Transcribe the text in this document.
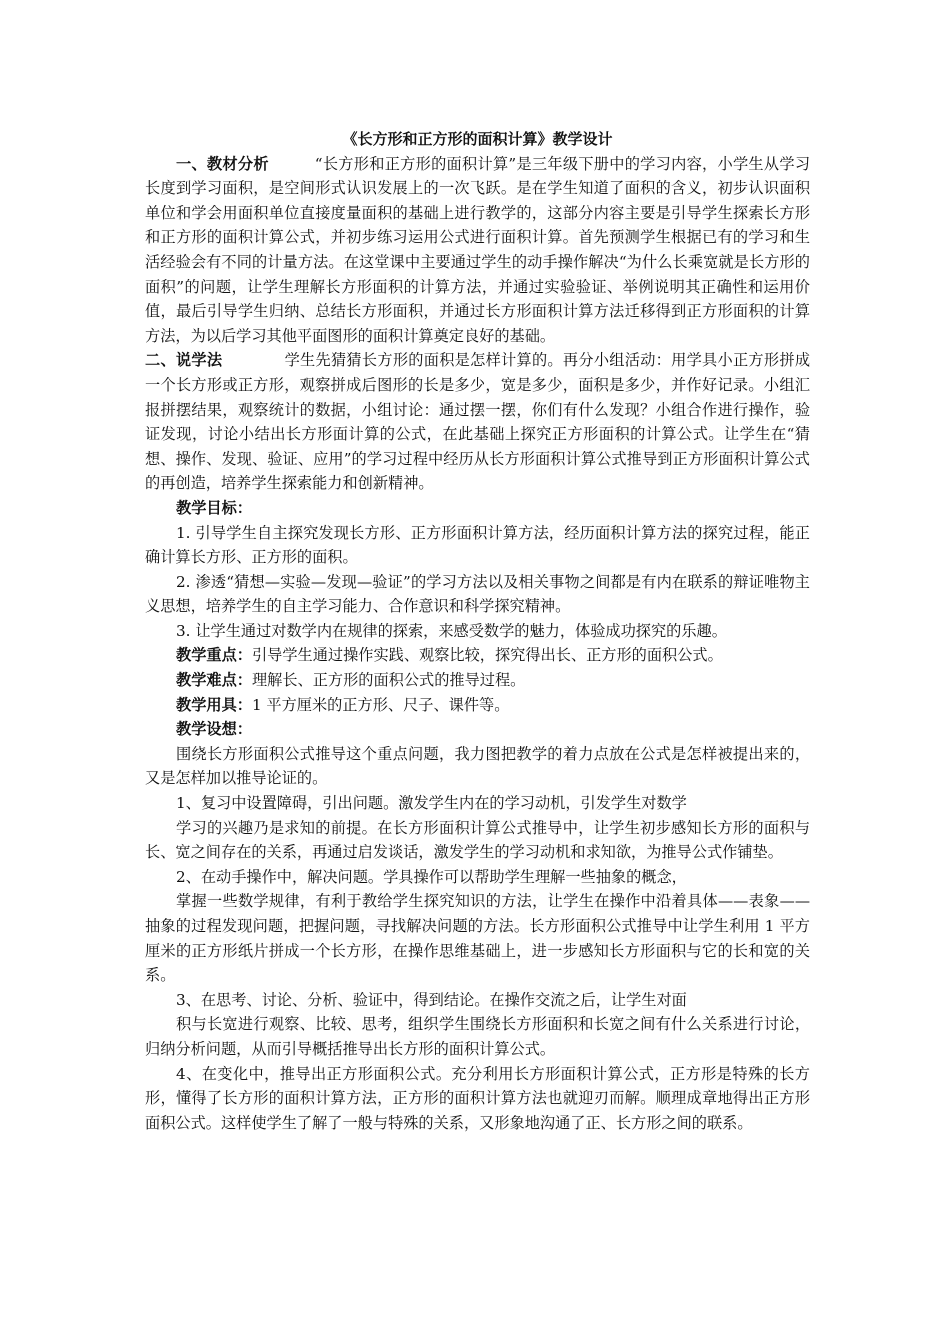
《长方形和正方形的面积计算》教学设计

一、教材分析	“长方形和正方形的面积计算”是三年级下册中的学习内容，小学生从学习长度到学习面积，是空间形式认识发展上的一次飞跃。是在学生知道了面积的含义，初步认识面积单位和学会用面积单位直接度量面积的基础上进行教学的，这部分内容主要是引导学生探索长方形和正方形的面积计算公式，并初步练习运用公式进行面积计算。首先预测学生根据已有的学习和生活经验会有不同的计量方法。在这堂课中主要通过学生的动手操作解决“为什么长乘宽就是长方形的面积”的问题，让学生理解长方形面积的计算方法，并通过实验验证、举例说明其正确性和运用价值，最后引导学生归纳、总结长方形面积，并通过长方形面积计算方法迁移得到正方形面积的计算方法，为以后学习其他平面图形的面积计算奠定良好的基础。

二、说学法	学生先猜猜长方形的面积是怎样计算的。再分小组活动：用学具小正方形拼成一个长方形或正方形，观察拼成后图形的长是多少，宽是多少，面积是多少，并作好记录。小组汇报拼摆结果，观察统计的数据，小组讨论：通过摆一摆，你们有什么发现？小组合作进行操作，验证发现，讨论小结出长方形面计算的公式，在此基础上探究正方形面积的计算公式。让学生在“猜想、操作、发现、验证、应用”的学习过程中经历从长方形面积计算公式推导到正方形面积计算公式的再创造，培养学生探索能力和创新精神。

教学目标：

1. 引导学生自主探究发现长方形、正方形面积计算方法，经历面积计算方法的探究过程，能正确计算长方形、正方形的面积。

2. 渗透“猜想—实验—发现—验证”的学习方法以及相关事物之间都是有内在联系的辩证唯物主义思想，培养学生的自主学习能力、合作意识和科学探究精神。

3. 让学生通过对数学内在规律的探索，来感受数学的魅力，体验成功探究的乐趣。

教学重点：引导学生通过操作实践、观察比较，探究得出长、正方形的面积公式。

教学难点：理解长、正方形的面积公式的推导过程。

教学用具：1 平方厘米的正方形、尺子、课件等。

教学设想：

围绕长方形面积公式推导这个重点问题，我力图把教学的着力点放在公式是怎样被提出来的，又是怎样加以推导论证的。

1、复习中设置障碍，引出问题。激发学生内在的学习动机，引发学生对数学

学习的兴趣乃是求知的前提。在长方形面积计算公式推导中，让学生初步感知长方形的面积与长、宽之间存在的关系，再通过启发谈话，激发学生的学习动机和求知欲，为推导公式作铺垫。

2、在动手操作中，解决问题。学具操作可以帮助学生理解一些抽象的概念，

掌握一些数学规律，有利于教给学生探究知识的方法，让学生在操作中沿着具体——表象——抽象的过程发现问题，把握问题，寻找解决问题的方法。长方形面积公式推导中让学生利用 1 平方厘米的正方形纸片拼成一个长方形，在操作思维基础上，进一步感知长方形面积与它的长和宽的关系。

3、在思考、讨论、分析、验证中，得到结论。在操作交流之后，让学生对面

积与长宽进行观察、比较、思考，组织学生围绕长方形面积和长宽之间有什么关系进行讨论，归纳分析问题，从而引导概括推导出长方形的面积计算公式。

4、在变化中，推导出正方形面积公式。充分利用长方形面积计算公式，正方形是特殊的长方形，懂得了长方形的面积计算方法，正方形的面积计算方法也就迎刃而解。顺理成章地得出正方形面积公式。这样使学生了解了一般与特殊的关系，又形象地沟通了正、长方形之间的联系。
